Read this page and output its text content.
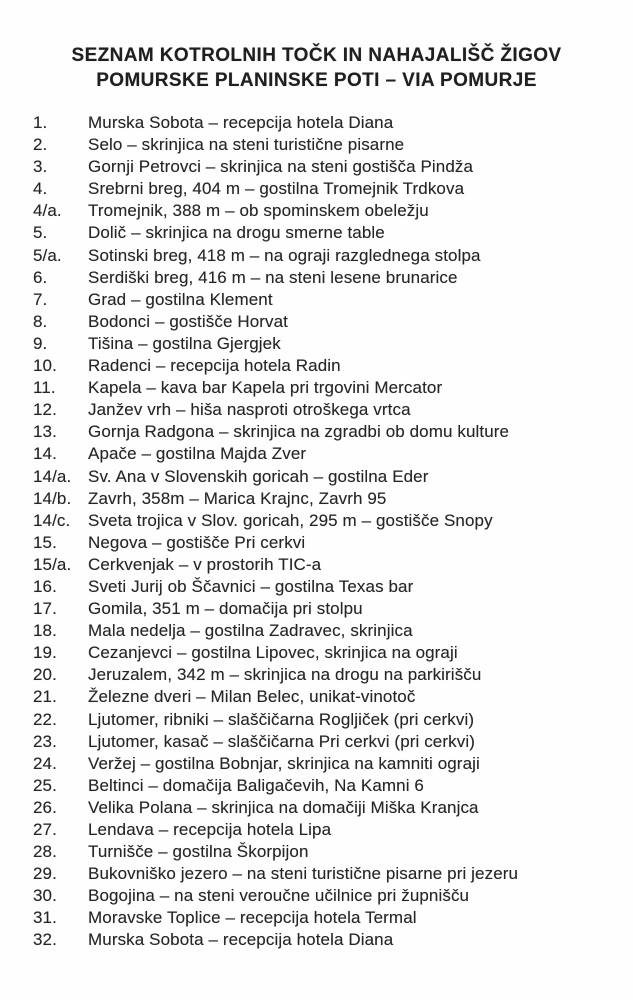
SEZNAM KOTROLNIH TOČK IN NAHAJALIŠČ ŽIGOV
POMURSKE PLANINSKE POTI – VIA POMURJE
1.	Murska Sobota – recepcija hotela Diana
2.	Selo – skrinjica na steni turistične pisarne
3.	Gornji Petrovci – skrinjica na steni gostišča Pindža
4.	Srebrni breg, 404 m – gostilna Tromejnik Trdkova
4/a.	Tromejnik, 388 m – ob spominskem obeležju
5.	Dolič – skrinjica na drogu smerne table
5/a.	Sotinski breg, 418 m – na ograji razglednega stolpa
6.	Serdiški breg, 416 m – na steni lesene brunarice
7.	Grad – gostilna Klement
8.	Bodonci – gostišče Horvat
9.	Tišina – gostilna Gjergjek
10.	Radenci – recepcija hotela Radin
11.	Kapela – kava bar Kapela pri trgovini Mercator
12.	Janžev vrh – hiša nasproti otroškega vrtca
13.	Gornja Radgona – skrinjica na zgradbi ob domu kulture
14.	Apače – gostilna Majda Zver
14/a. Sv. Ana v Slovenskih goricah – gostilna Eder
14/b. Zavrh, 358m – Marica Krajnc, Zavrh 95
14/c.	Sveta trojica v Slov. goricah, 295 m – gostišče Snopy
15.	Negova – gostišče Pri cerkvi
15/a. Cerkvenjak – v prostorih TIC-a
16.	Sveti Jurij ob Ščavnici – gostilna Texas bar
17.	Gomila, 351 m – domačija pri stolpu
18.	Mala nedelja – gostilna Zadravec, skrinjica
19.	Cezanjevci – gostilna Lipovec, skrinjica na ograji
20.	Jeruzalem, 342 m – skrinjica na drogu na parkirišču
21.	Železne dveri – Milan Belec, unikat-vinotoč
22.	Ljutomer, ribniki – slaščičarna Rogljiček (pri cerkvi)
23.	Ljutomer, kasač – slaščičarna Pri cerkvi (pri cerkvi)
24.	Veržej – gostilna Bobnjar, skrinjica na kamniti ograji
25.	Beltinci – domačija Baligačevih, Na Kamni 6
26.	Velika Polana – skrinjica na domačiji Miška Kranjca
27.	Lendava – recepcija hotela Lipa
28.	Turnišče – gostilna Škorpijon
29.	Bukovniško jezero – na steni turistične pisarne pri jezeru
30.	Bogojina – na steni veroučne učilnice pri župnišču
31.	Moravske Toplice – recepcija hotela Termal
32.	Murska Sobota – recepcija hotela Diana
